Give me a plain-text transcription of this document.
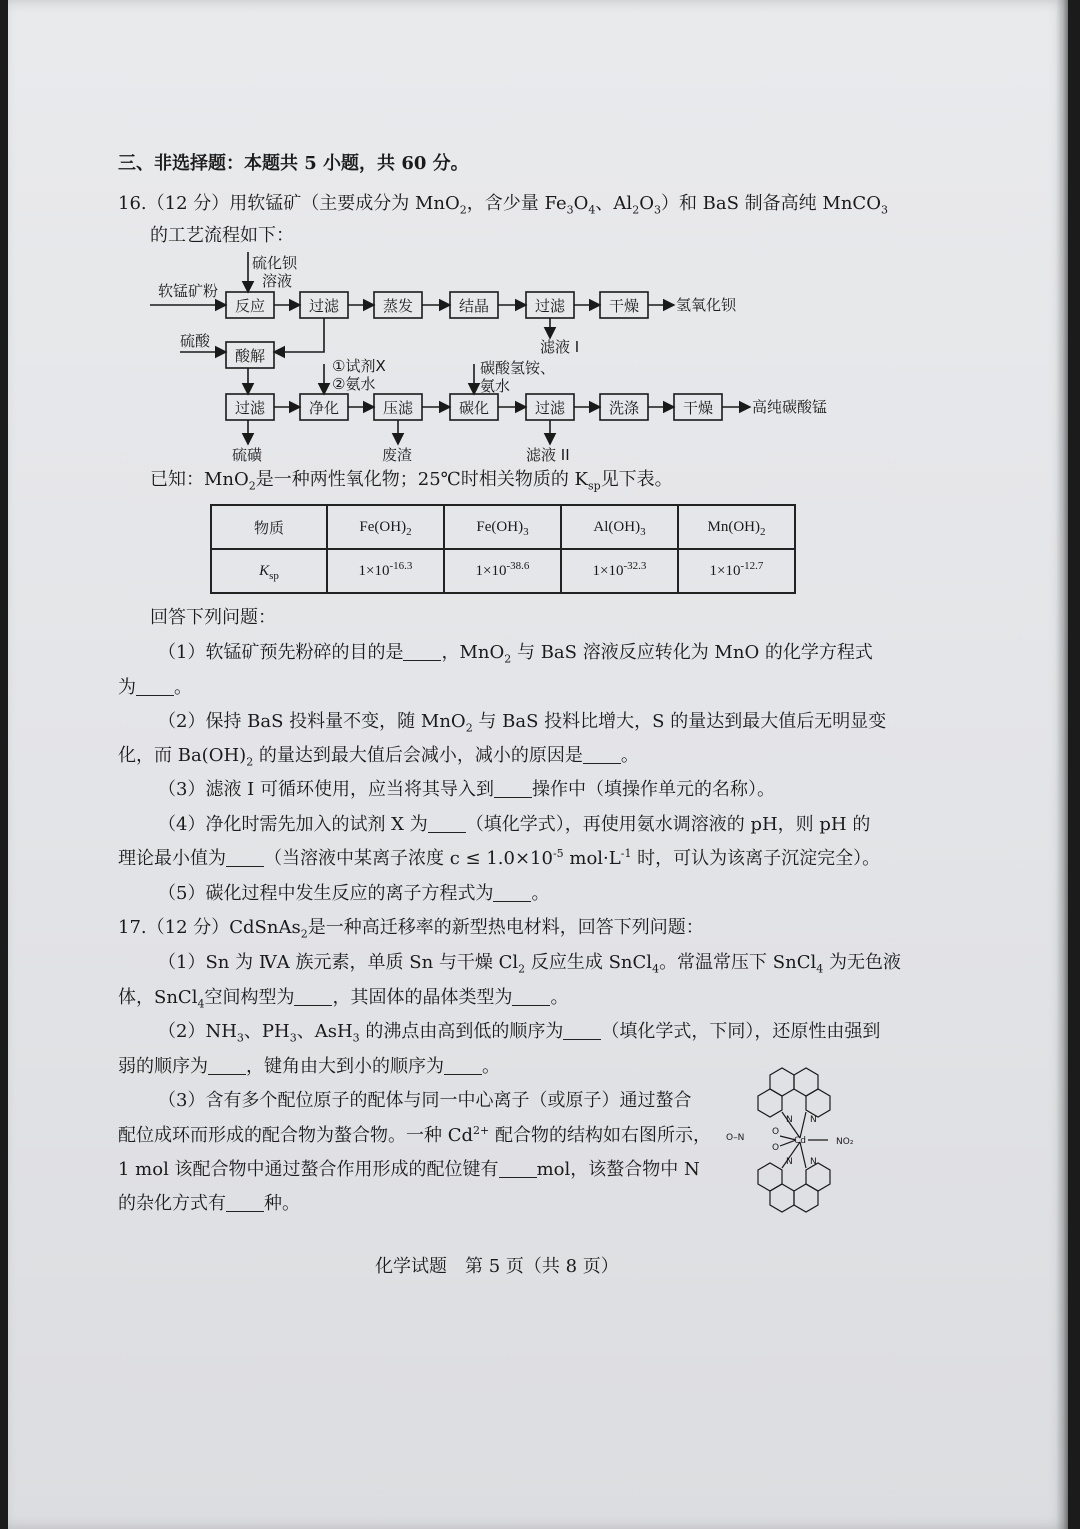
三、非选择题：本题共 5 小题，共 60 分。
16.（12 分）用软锰矿（主要成分为 MnO$_2$，含少量 $Fe_3O_4$、$Al_2O_3$）和 BaS 制备高纯 MnCO$_3$
的工艺流程如下：
软锰矿粉
硫化钡
溶液
反应	过滤	蒸发	结晶	过滤	干燥 氢氧化钡
滤液 I
硫酸
酸解
①试剂X
②氨水
碳酸氢铵、
氨水
过滤	净化	压滤	碳化	过滤	洗涤	干燥	高纯碳酸锰
硫磺	废渣	滤液 II
已知：MnO$_2$是一种两性氧化物；25℃时相关物质的 $K_{sp}$见下表。
物质	$Fe(OH)_2$	$Fe(OH)_3$	$Al(OH)_3$	$Mn(OH)_2$
$K_{sp}$	$1\times 10^{-16.3}$	$1\times 10^{-38.6}$	$1\times 10^{-32.3}$	$1\times 10^{-12.7}$
回答下列问题：
（1）软锰矿预先粉碎的目的是 ，MnO$_2$ 与 BaS 溶液反应转化为 MnO 的化学方程式
为 。
（2）保持 BaS 投料量不变，随 MnO$_2$ 与 BaS 投料比增大，S 的量达到最大值后无明显变
化，而 $Ba(OH)_2$ 的量达到最大值后会减小，减小的原因是 。
（3）滤液 I 可循环使用，应当将其导入到 操作中（填操作单元的名称）。
（4）净化时需先加入的试剂 X 为 （填化学式），再使用氨水调溶液的 pH，则 pH 的
理论最小值为 （当溶液中某离子浓度 $c \le 1.0\times 10^{-5}$ $mol\cdot L^{-1}$ 时，可认为该离子沉淀完全）。
（5）碳化过程中发生反应的离子方程式为 。
17.（12 分）CdSnAs$_2$是一种高迁移率的新型热电材料，回答下列问题：
（1）Sn 为 ⅣA 族元素，单质 Sn 与干燥 $Cl_2$ 反应生成 SnCl$_4$。常温常压下 SnCl$_4$ 为无色液
体，SnCl$_4$空间构型为 ，其固体的晶体类型为 。
$(2)NH_3$、$PH_3$、AsH$_3$ 的沸点由高到低的顺序为 （填化学式，下同），还原性由强到
弱的顺序为 ，键角由大到小的顺序为 。
（3）含有多个配位原子的配体与同一中心离子（或原子）通过螯合
配位成环而形成的配合物为螯合物。一种 $Cd^{2+}$ 配合物的结构如右图所示，
1 mol 该配合物中通过螯合作用形成的配位键有 mol，该螯合物中 N
的杂化方式有 种。
Cd	NO₂
O–N
O
O
N N
N N
化学试题　第 5 页（共 8 页）
